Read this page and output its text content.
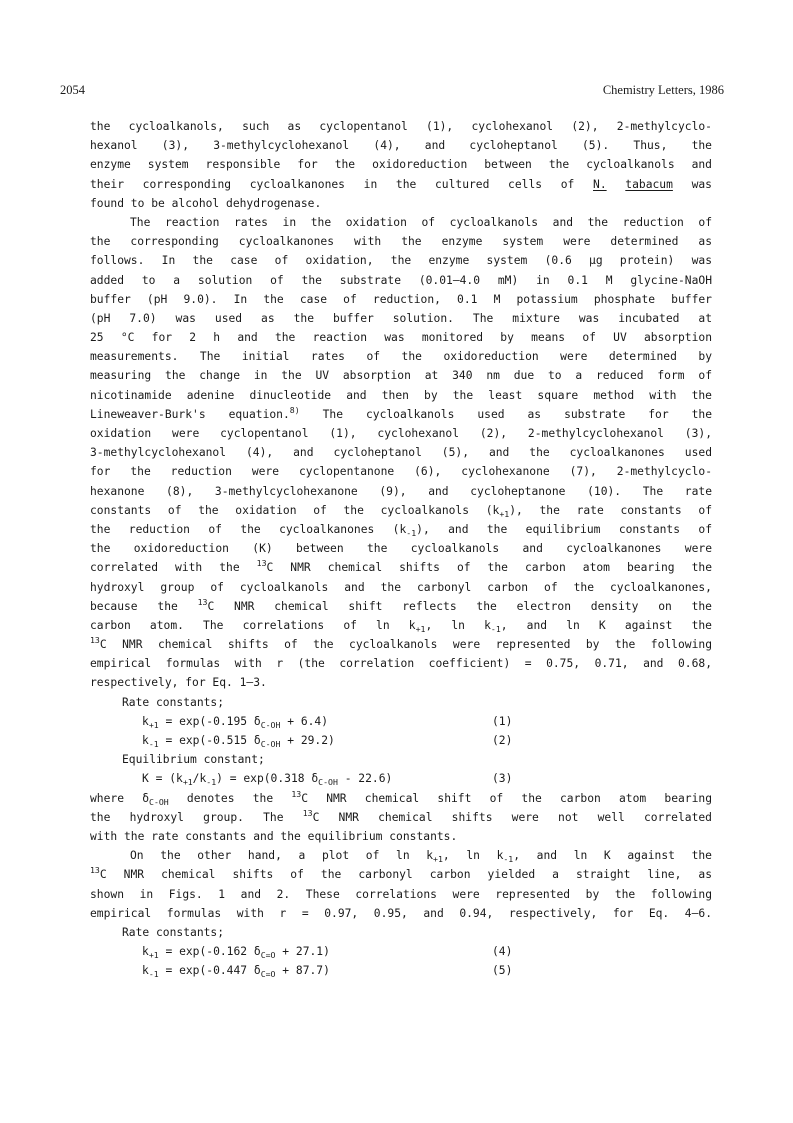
2054	Chemistry Letters, 1986
the cycloalkanols, such as cyclopentanol (1), cyclohexanol (2), 2-methylcyclo-
hexanol (3), 3-methylcyclohexanol (4), and cycloheptanol (5). Thus, the
enzyme system responsible for the oxidoreduction between the cycloalkanols and
their corresponding cycloalkanones in the cultured cells of N. tabacum was
found to be alcohol dehydrogenase.
The reaction rates in the oxidation of cycloalkanols and the reduction of
the corresponding cycloalkanones with the enzyme system were determined as
follows. In the case of oxidation, the enzyme system (0.6 µg protein) was
added to a solution of the substrate (0.01—4.0 mM) in 0.1 M glycine-NaOH
buffer (pH 9.0). In the case of reduction, 0.1 M potassium phosphate buffer
(pH 7.0) was used as the buffer solution. The mixture was incubated at
25 °C for 2 h and the reaction was monitored by means of UV absorption
measurements. The initial rates of the oxidoreduction were determined by
measuring the change in the UV absorption at 340 nm due to a reduced form of
nicotinamide adenine dinucleotide and then by the least square method with the
Lineweaver-Burk's equation.$^{8)}$ The cycloalkanols used as substrate for the
oxidation were cyclopentanol (1), cyclohexanol (2), 2-methylcyclohexanol (3),
3-methylcyclohexanol (4), and cycloheptanol (5), and the cycloalkanones used
for the reduction were cyclopentanone (6), cyclohexanone (7), 2-methylcyclo-
hexanone (8), 3-methylcyclohexanone (9), and cycloheptanone (10). The rate
constants of the oxidation of the cycloalkanols $(k_{+1})$, the rate constants of
the reduction of the cycloalkanones $(k_{-1})$, and the equilibrium constants of
the oxidoreduction (K) between the cycloalkanols and cycloalkanones were
correlated with the $^{13}$C NMR chemical shifts of the carbon atom bearing the
hydroxyl group of cycloalkanols and the carbonyl carbon of the cycloalkanones,
because the $^{13}$C NMR chemical shift reflects the electron density on the
carbon atom. The correlations of $\ln k_{+1}$, $\ln k_{-1}$, and ln K against the
$^{13}$C NMR chemical shifts of the cycloalkanols were represented by the following
empirical formulas with r (the correlation coefficient) = 0.75, 0.71, and 0.68,
respectively, for Eq. 1—3.
Rate constants;
$k_{+1} = \exp(-0.195$ $\delta_{C-OH} + 6.4$)	(1)
$k_{-1} = \exp(-0.515$ $\delta_{C-OH} + 29.2$)	(2)
Equilibrium constant;
$K = (k_{+1}/k_{-1}) = \exp(0.318$ $\delta_{C-OH} - 22.6$)	(3)
where $\delta_{C-OH}$ denotes the $^{13}$C NMR chemical shift of the carbon atom bearing
the hydroxyl group. The $^{13}$C NMR chemical shifts were not well correlated
with the rate constants and the equilibrium constants.
On the other hand, a plot of $\ln k_{+1}$, $\ln k_{-1}$, and ln K against the
$^{13}$C NMR chemical shifts of the carbonyl carbon yielded a straight line, as
shown in Figs. 1 and 2. These correlations were represented by the following
empirical formulas with r = 0.97, 0.95, and 0.94, respectively, for Eq. 4—6.
Rate constants;
$k_{+1} = \exp(-0.162$ $\delta_{C=O} + 27.1$)	(4)
$k_{-1} = \exp(-0.447$ $\delta_{C=O} + 87.7$)	(5)
